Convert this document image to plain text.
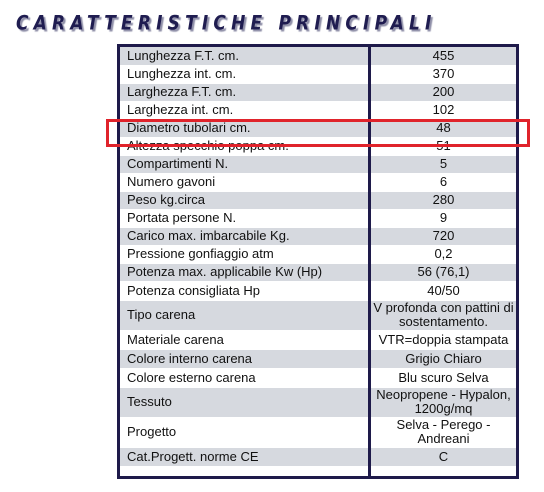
CARATTERISTICHE PRINCIPALI
Lunghezza F.T. cm.		455
Lunghezza int. cm.		370
Larghezza F.T. cm.		200
Larghezza int. cm.		102
Diametro tubolari cm.		48
Altezza specchio poppa cm.		51
Compartimenti N.		5
Numero gavoni		6
Peso kg.circa		280
Portata persone N.		9
Carico max. imbarcabile Kg.		720
Pressione gonfiaggio atm		0,2
Potenza max. applicabile Kw (Hp)		56 (76,1)
Potenza consigliata Hp		40/50
Tipo carena		V profonda con pattini di sostentamento.
Materiale carena		VTR=doppia stampata
Colore interno carena		Grigio Chiaro
Colore esterno carena		Blu scuro Selva
Tessuto		Neopropene - Hypalon, 1200g/mq
Progetto		Selva - Perego - Andreani
Cat.Progett. norme CE		C
